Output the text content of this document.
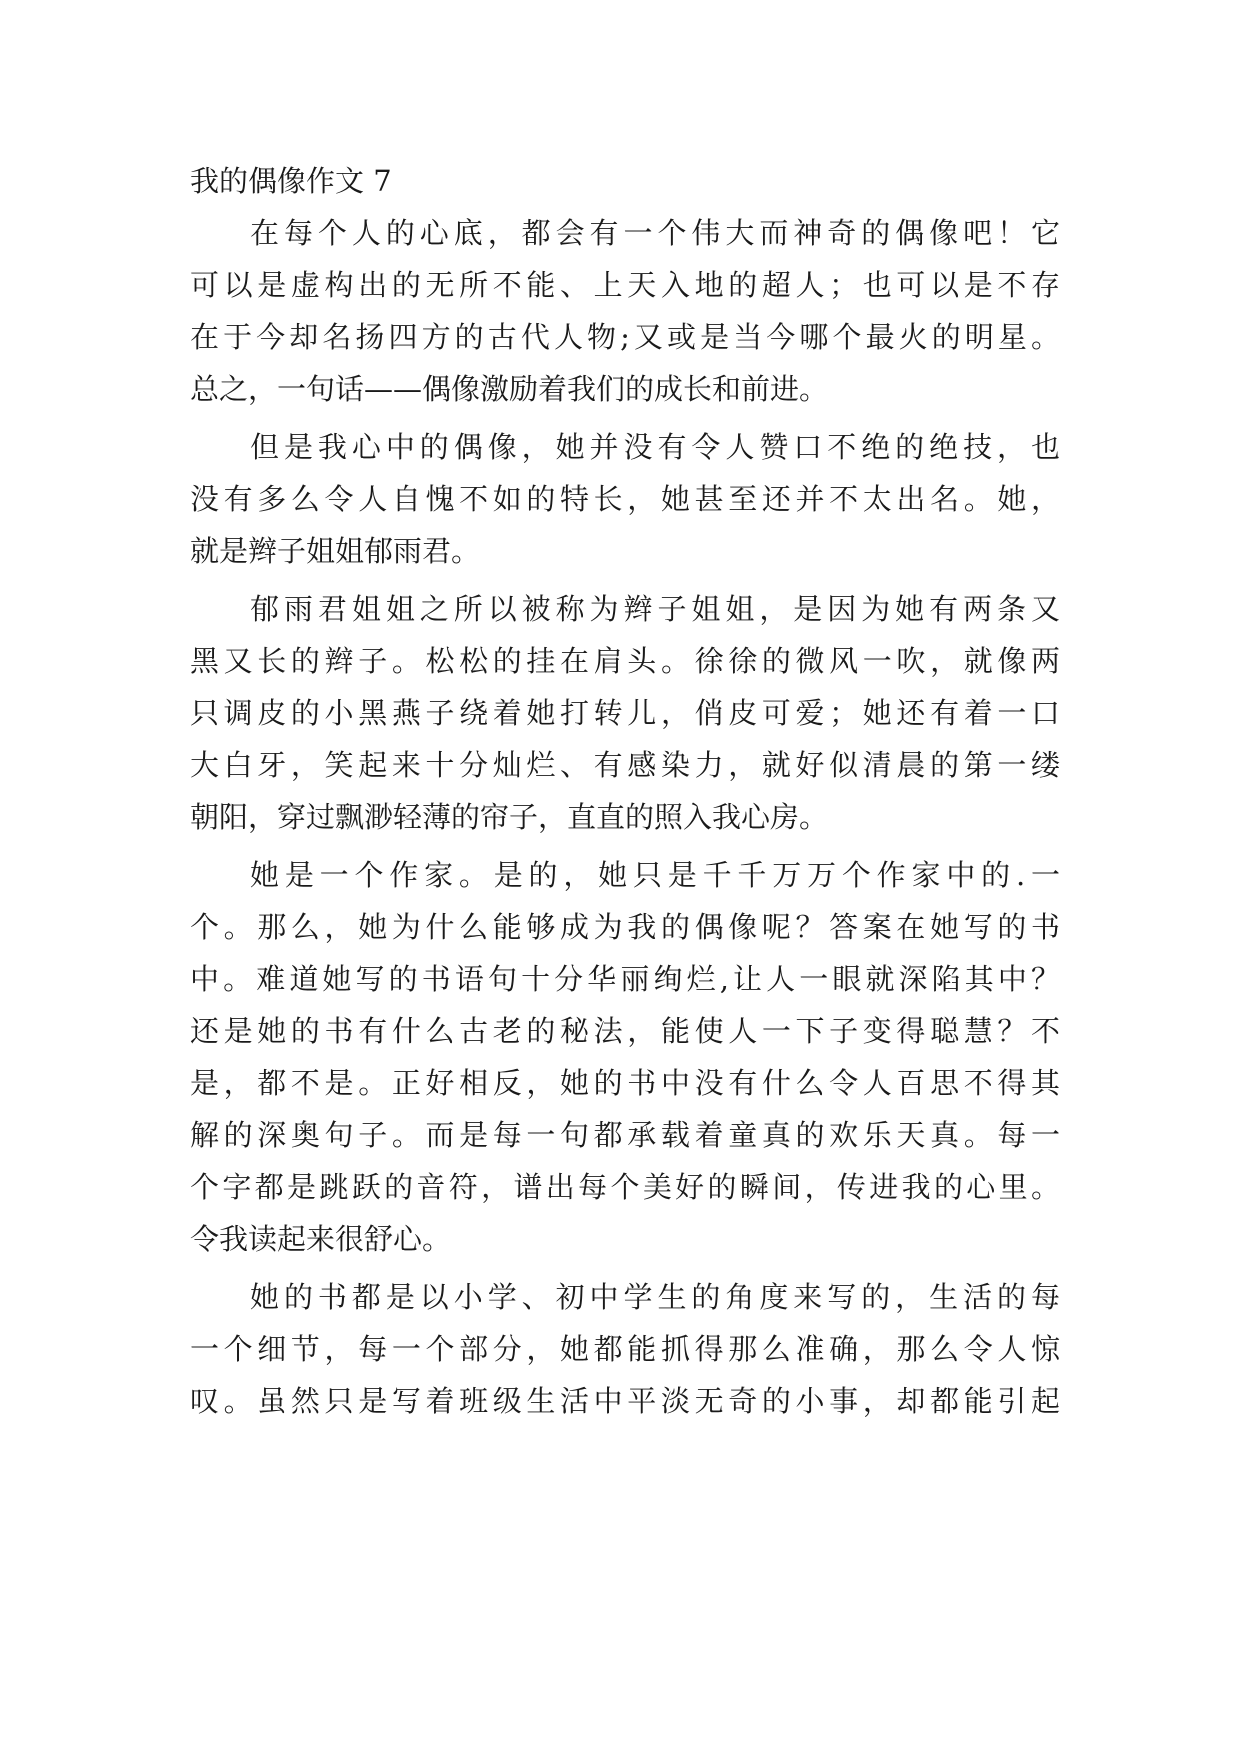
我的偶像作文 7
在每个人的心底，都会有一个伟大而神奇的偶像吧！它
可以是虚构出的无所不能、上天入地的超人；也可以是不存
在于今却名扬四方的古代人物;又或是当今哪个最火的明星。
总之，一句话——偶像激励着我们的成长和前进。
但是我心中的偶像，她并没有令人赞口不绝的绝技，也
没有多么令人自愧不如的特长，她甚至还并不太出名。她，
就是辫子姐姐郁雨君。
郁雨君姐姐之所以被称为辫子姐姐，是因为她有两条又
黑又长的辫子。松松的挂在肩头。徐徐的微风一吹，就像两
只调皮的小黑燕子绕着她打转儿，俏皮可爱；她还有着一口
大白牙，笑起来十分灿烂、有感染力，就好似清晨的第一缕
朝阳，穿过飘渺轻薄的帘子，直直的照入我心房。
她是一个作家。是的，她只是千千万万个作家中的.一
个。那么，她为什么能够成为我的偶像呢？答案在她写的书
中。难道她写的书语句十分华丽绚烂,让人一眼就深陷其中？
还是她的书有什么古老的秘法，能使人一下子变得聪慧？不
是，都不是。正好相反，她的书中没有什么令人百思不得其
解的深奥句子。而是每一句都承载着童真的欢乐天真。每一
个字都是跳跃的音符，谱出每个美好的瞬间，传进我的心里。
令我读起来很舒心。
她的书都是以小学、初中学生的角度来写的，生活的每
一个细节，每一个部分，她都能抓得那么准确，那么令人惊
叹。虽然只是写着班级生活中平淡无奇的小事，却都能引起
